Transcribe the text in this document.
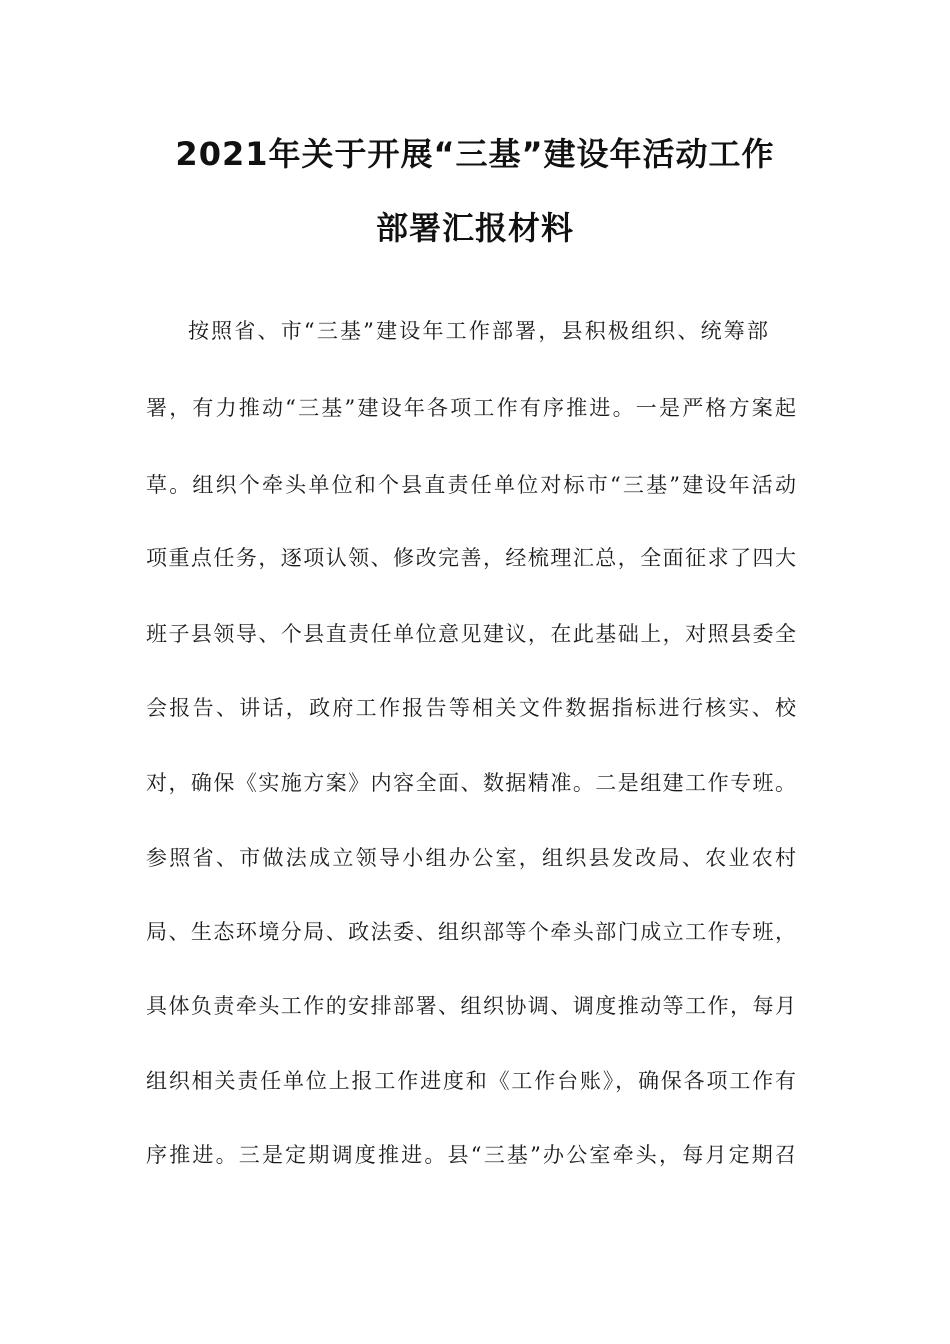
2021年关于开展“三基”建设年活动工作
部署汇报材料
按照省、市“三基”建设年工作部署，县积极组织、统筹部
署，有力推动“三基”建设年各项工作有序推进。一是严格方案起
草。组织个牵头单位和个县直责任单位对标市“三基”建设年活动
项重点任务，逐项认领、修改完善，经梳理汇总，全面征求了四大
班子县领导、个县直责任单位意见建议，在此基础上，对照县委全
会报告、讲话，政府工作报告等相关文件数据指标进行核实、校
对，确保《实施方案》内容全面、数据精准。二是组建工作专班。
参照省、市做法成立领导小组办公室，组织县发改局、农业农村
局、生态环境分局、政法委、组织部等个牵头部门成立工作专班，
具体负责牵头工作的安排部署、组织协调、调度推动等工作，每月
组织相关责任单位上报工作进度和《工作台账》，确保各项工作有
序推进。三是定期调度推进。县“三基”办公室牵头，每月定期召
